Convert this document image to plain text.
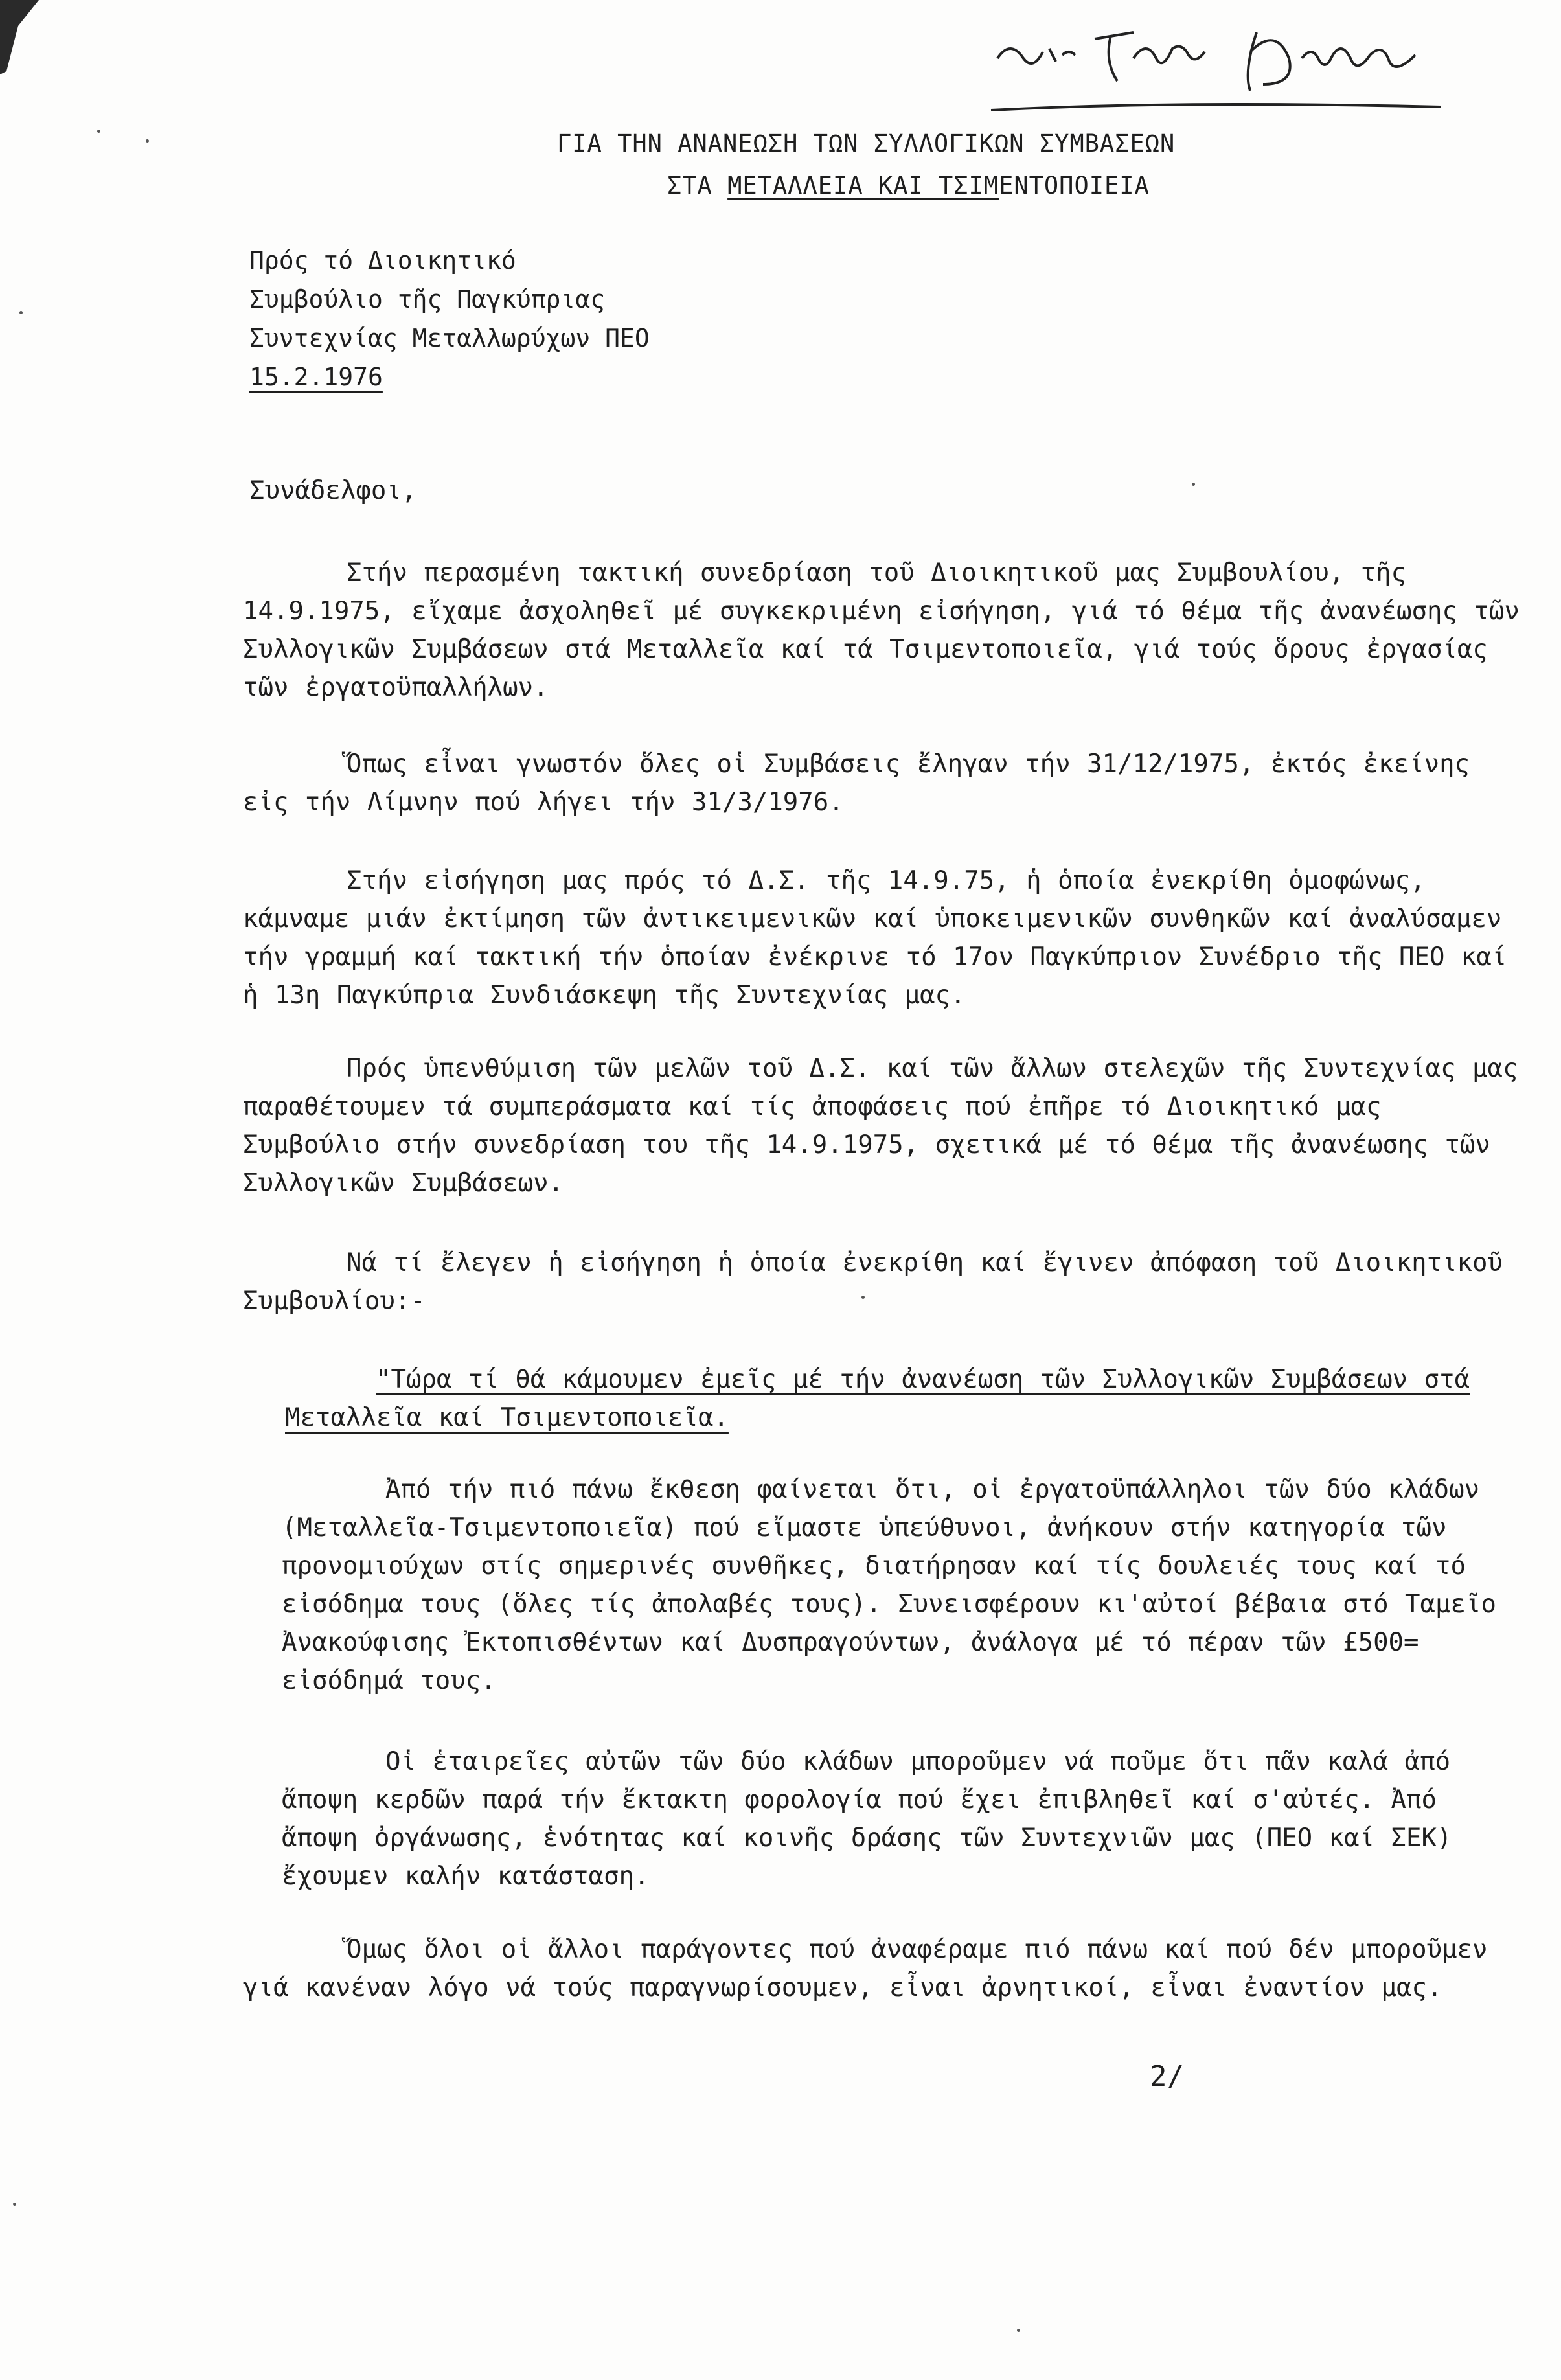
ΓΙΑ ΤΗΝ ΑΝΑΝΕΩΣΗ ΤΩΝ ΣΥΛΛΟΓΙΚΩΝ ΣΥΜΒΑΣΕΩΝ
ΣΤΑ ΜΕΤΑΛΛΕΙΑ ΚΑΙ ΤΣΙΜΕΝΤΟΠΟΙΕΙΑ
Πρός τό Διοικητικό
Συμβούλιο τῆς Παγκύπριας
Συντεχνίας Μεταλλωρύχων ΠΕΟ
15.2.1976
Συνάδελφοι,
Στήν περασμένη τακτική συνεδρίαση τοῦ Διοικητικοῦ μας Συμβουλίου, τῆς 14.9.1975, εἴχαμε ἀσχοληθεῖ μέ συγκεκριμένη εἰσήγηση, γιά τό θέμα τῆς ἀνανέωσης τῶν Συλλογικῶν Συμβάσεων στά Μεταλλεῖα καί τά Τσιμεντοποιεῖα, γιά τούς ὅρους ἐργασίας τῶν ἐργατοϋπαλλήλων.
Ὅπως εἶναι γνωστόν ὅλες οἱ Συμβάσεις ἔληγαν τήν 31/12/1975, ἐκτός ἐκείνης εἰς τήν Λίμνην πού λήγει τήν 31/3/1976.
Στήν εἰσήγηση μας πρός τό Δ.Σ. τῆς 14.9.75, ἡ ὁποία ἐνεκρίθη ὁμοφώνως, κάμναμε μιάν ἐκτίμηση τῶν ἀντικειμενικῶν καί ὑποκειμενικῶν συνθηκῶν καί ἀναλύσαμεν τήν γραμμή καί τακτική τήν ὁποίαν ἐνέκρινε τό 17ον Παγκύπριον Συνέδριο τῆς ΠΕΟ καί ἡ 13η Παγκύπρια Συνδιάσκεψη τῆς Συντεχνίας μας.
Πρός ὑπενθύμιση τῶν μελῶν τοῦ Δ.Σ. καί τῶν ἄλλων στελεχῶν τῆς Συντεχνίας μας παραθέτουμεν τά συμπεράσματα καί τίς ἀποφάσεις πού ἐπῆρε τό Διοικητικό μας Συμβούλιο στήν συνεδρίαση του τῆς 14.9.1975, σχετικά μέ τό θέμα τῆς ἀνανέωσης τῶν Συλλογικῶν Συμβάσεων.
Νά τί ἔλεγεν ἡ εἰσήγηση ἡ ὁποία ἐνεκρίθη καί ἔγινεν ἀπόφαση τοῦ Διοικητικοῦ Συμβουλίου:-
"Τώρα τί θά κάμουμεν ἐμεῖς μέ τήν ἀνανέωση τῶν Συλλογικῶν Συμβάσεων στά Μεταλλεῖα καί Τσιμεντοποιεῖα.
Ἀπό τήν πιό πάνω ἔκθεση φαίνεται ὅτι, οἱ ἐργατοϋπάλληλοι τῶν δύο κλάδων (Μεταλλεῖα-Τσιμεντοποιεῖα) πού εἴμαστε ὑπεύθυνοι, ἀνήκουν στήν κατηγορία τῶν προνομιούχων στίς σημερινές συνθῆκες, διατήρησαν καί τίς δουλειές τους καί τό εἰσόδημα τους (ὅλες τίς ἀπολαβές τους). Συνεισφέρουν κι'αὐτοί βέβαια στό Ταμεῖο Ἀνακούφισης Ἐκτοπισθέντων καί Δυσπραγούντων, ἀνάλογα μέ τό πέραν τῶν £500= εἰσόδημά τους.
Οἱ ἑταιρεῖες αὐτῶν τῶν δύο κλάδων μποροῦμεν νά ποῦμε ὅτι πᾶν καλά ἀπό ἄποψη κερδῶν παρά τήν ἔκτακτη φορολογία πού ἔχει ἐπιβληθεῖ καί σ'αὐτές. Ἀπό ἄποψη ὀργάνωσης, ἑνότητας καί κοινῆς δράσης τῶν Συντεχνιῶν μας (ΠΕΟ καί ΣΕΚ) ἔχουμεν καλήν κατάσταση.
Ὅμως ὅλοι οἱ ἄλλοι παράγοντες πού ἀναφέραμε πιό πάνω καί πού δέν μποροῦμεν γιά κανέναν λόγο νά τούς παραγνωρίσουμεν, εἶναι ἀρνητικοί, εἶναι ἐναντίον μας.
2/
